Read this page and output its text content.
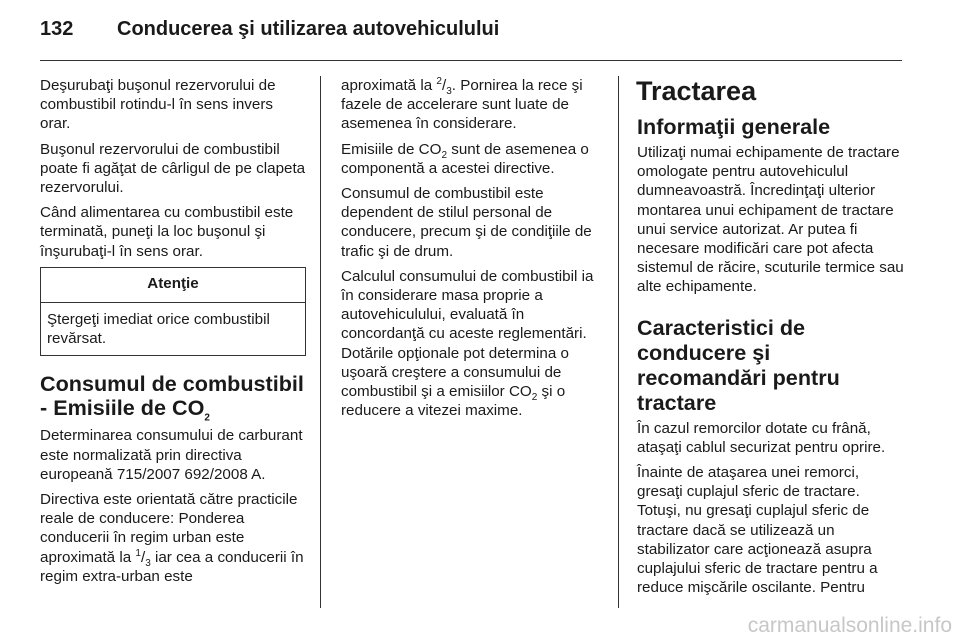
132 Conducerea şi utilizarea autovehiculului

Deşurubaţi buşonul rezervorului de combustibil rotindu-l în sens invers orar.

Buşonul rezervorului de combustibil poate fi agăţat de cârligul de pe clapeta rezervorului.

Când alimentarea cu combustibil este terminată, puneţi la loc buşonul şi înşurubaţi-l în sens orar.

Atenţie
Ştergeţi imediat orice combustibil revărsat.
Consumul de combustibil - Emisiile de $CO_2$

Determinarea consumului de carburant este normalizată prin directiva europeană 715/2007 692/2008 A.

Directiva este orientată către practicile reale de conducere: Ponderea conducerii în regim urban este aproximată la $^1/_3$ iar cea a conducerii în regim extra-urban este

aproximată la $^2/_3$. Pornirea la rece şi fazele de accelerare sunt luate de asemenea în considerare.

Emisiile de $CO_2$ sunt de asemenea o componentă a acestei directive.

Consumul de combustibil este dependent de stilul personal de conducere, precum şi de condiţiile de trafic şi de drum.

Calculul consumului de combustibil ia în considerare masa proprie a autovehiculului, evaluată în concordanţă cu aceste reglementări. Dotările opţionale pot determina o uşoară creştere a consumului de combustibil şi a emisiilor $CO_2$ şi o reducere a vitezei maxime.

Tractarea
Informaţii generale

Utilizaţi numai echipamente de tractare omologate pentru autovehiculul dumneavoastră. Încredinţaţi ulterior montarea unui echipament de tractare unui service autorizat. Ar putea fi necesare modificări care pot afecta sistemul de răcire, scuturile termice sau alte echipamente.

Caracteristici de conducere şi recomandări pentru tractare

În cazul remorcilor dotate cu frână, ataşaţi cablul securizat pentru oprire.

Înainte de ataşarea unei remorci, gresaţi cuplajul sferic de tractare. Totuşi, nu gresaţi cuplajul sferic de tractare dacă se utilizează un stabilizator care acţionează asupra cuplajului sferic de tractare pentru a reduce mişcările oscilante. Pentru

carmanualsonline.info
